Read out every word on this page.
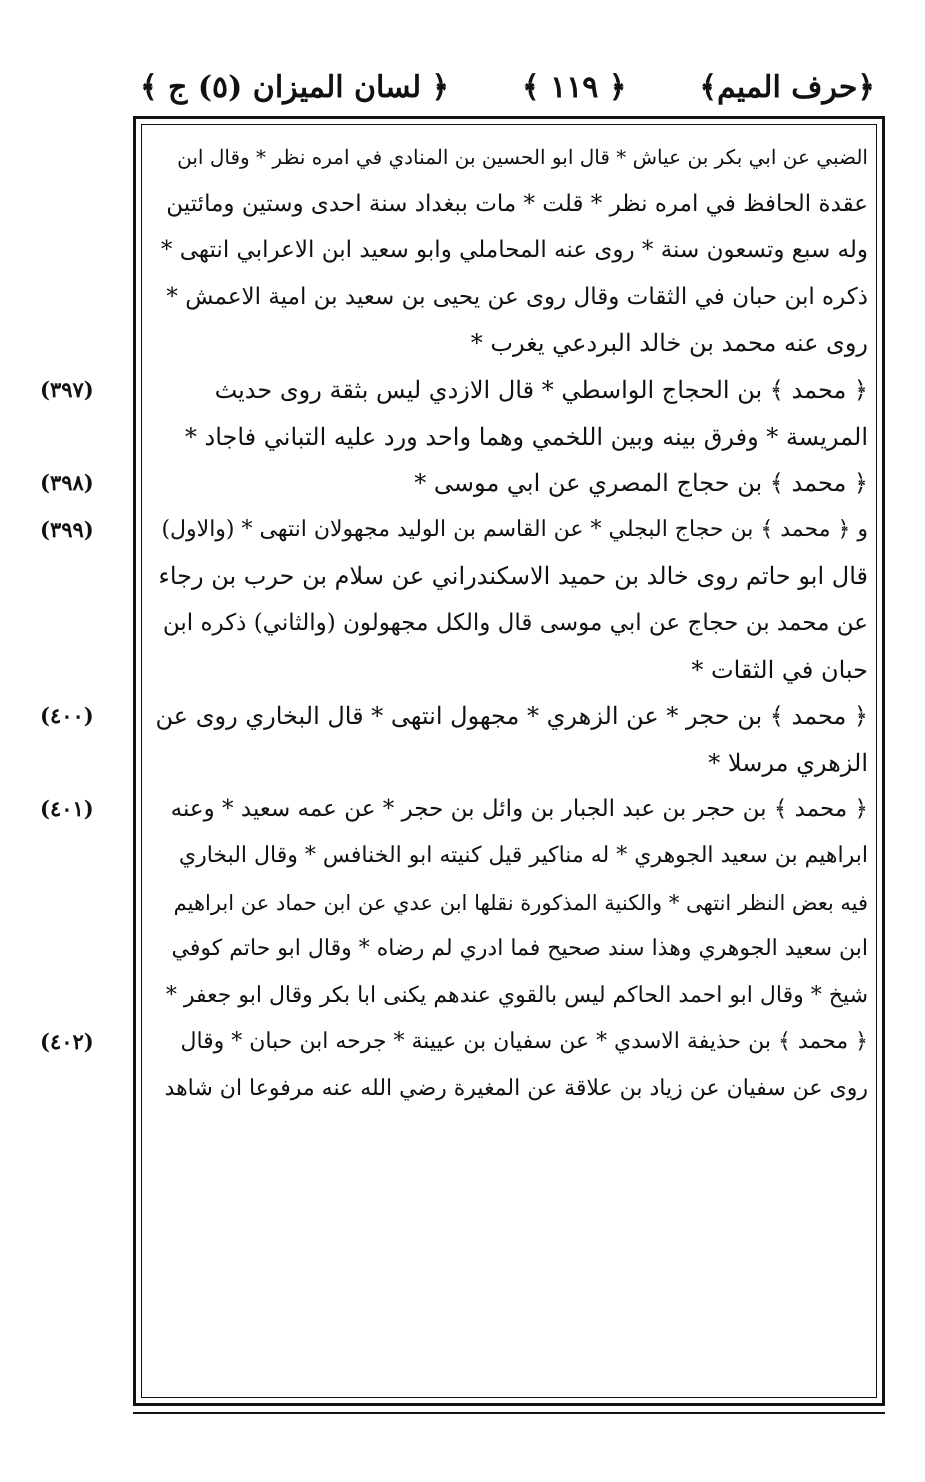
﴿حرف الميم﴾
﴿ ١١٩ ﴾
﴿ لسان الميزان (٥) ج ﴾
الضبي عن ابي بكر بن عياش * قال ابو الحسين بن المنادي في امره نظر * وقال ابن
عقدة الحافظ في امره نظر * قلت * مات ببغداد سنة احدى وستين ومائتين
وله سبع وتسعون سنة * روى عنه المحاملي وابو سعيد ابن الاعرابي انتهى *
ذكره ابن حبان في الثقات وقال روى عن يحيى بن سعيد بن امية الاعمش *
روى عنه محمد بن خالد البردعي يغرب *
﴿ محمد ﴾ بن الحجاج الواسطي * قال الازدي ليس بثقة روى حديث
المريسة * وفرق بينه وبين اللخمي وهما واحد ورد عليه التباني فاجاد *
﴿ محمد ﴾ بن حجاج المصري عن ابي موسى *
و ﴿ محمد ﴾ بن حجاج البجلي * عن القاسم بن الوليد مجهولان انتهى * (والاول)
قال ابو حاتم روى خالد بن حميد الاسكندراني عن سلام بن حرب بن رجاء
عن محمد بن حجاج عن ابي موسى قال والكل مجهولون (والثاني) ذكره ابن
حبان في الثقات *
﴿ محمد ﴾ بن حجر * عن الزهري * مجهول انتهى * قال البخاري روى عن
الزهري مرسلا *
﴿ محمد ﴾ بن حجر بن عبد الجبار بن وائل بن حجر * عن عمه سعيد * وعنه
ابراهيم بن سعيد الجوهري * له مناكير قيل كنيته ابو الخنافس * وقال البخاري
فيه بعض النظر انتهى * والكنية المذكورة نقلها ابن عدي عن ابن حماد عن ابراهيم
ابن سعيد الجوهري وهذا سند صحيح فما ادري لم رضاه * وقال ابو حاتم كوفي
شيخ * وقال ابو احمد الحاكم ليس بالقوي عندهم يكنى ابا بكر وقال ابو جعفر *
﴿ محمد ﴾ بن حذيفة الاسدي * عن سفيان بن عيينة * جرحه ابن حبان * وقال
روى عن سفيان عن زياد بن علاقة عن المغيرة رضي الله عنه مرفوعا ان شاهد
(٣٩٧)
(٣٩٨)
(٣٩٩)
(٤٠٠)
(٤٠١)
(٤٠٢)
